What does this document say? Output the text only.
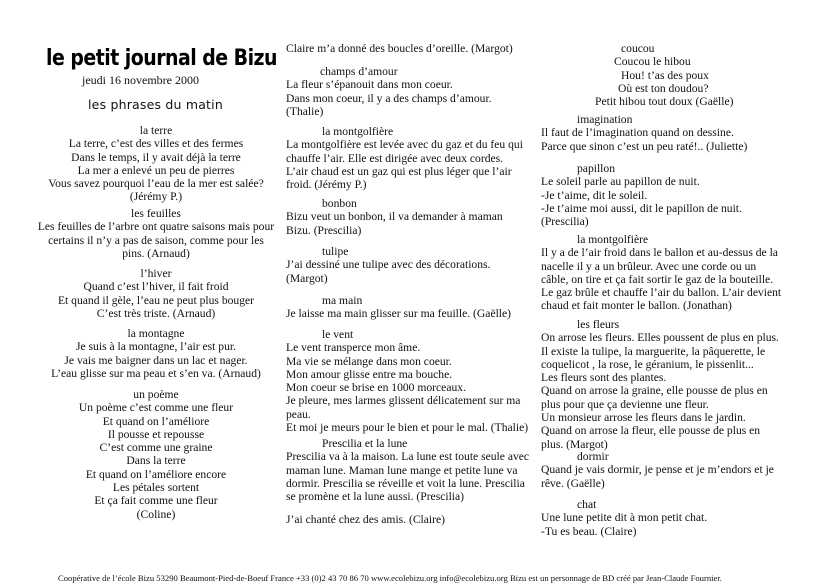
le petit journal de Bizu
jeudi 16 novembre 2000
les phrases du matin
la terre
La terre, c’est des villes et des fermes
Dans le temps, il y avait déjà la terre
La mer a enlevé un peu de pierres
Vous savez pourquoi l’eau de la mer est salée?
(Jérémy P.)
les feuilles
Les feuilles de l’arbre ont quatre saisons mais pour
certains il n’y a pas de saison, comme pour les
pins. (Arnaud)
l’hiver
Quand c’est l’hiver, il fait froid
Et quand il gèle, l’eau ne peut plus bouger
C’est très triste. (Arnaud)
la montagne
Je suis à la montagne, l’air est pur.
Je vais me baigner dans un lac et nager.
L’eau glisse sur ma peau et s’en va. (Arnaud)
un poème
Un poème c’est comme une fleur
Et quand on l’améliore
Il pousse et repousse
C’est comme une graine
Dans la terre
Et quand on l’améliore encore
Les pétales sortent
Et ça fait comme une fleur
(Coline)
Claire m’a donné des boucles d’oreille. (Margot)
champs d’amour
La fleur s’épanouit dans mon coeur.
Dans mon coeur, il y a des champs d’amour.
(Thalie)
la montgolfière
La montgolfière est levée avec du gaz et du feu qui
chauffe l’air. Elle est dirigée avec deux cordes.
L’air chaud est un gaz qui est plus léger que l’air
froid. (Jérémy P.)
bonbon
Bizu veut un bonbon, il va demander à maman
Bizu. (Prescilia)
tulipe
J’ai dessiné une tulipe avec des décorations.
(Margot)
ma main
Je laisse ma main glisser sur ma feuille. (Gaëlle)
le vent
Le vent transperce mon âme.
Ma vie se mélange dans mon coeur.
Mon amour glisse entre ma bouche.
Mon coeur se brise en 1000 morceaux.
Je pleure, mes larmes glissent délicatement sur ma
peau.
Et moi je meurs pour le bien et pour le mal. (Thalie)
Prescilia et la lune
Prescilia va à la maison. La lune est toute seule avec
maman lune. Maman lune mange et petite lune va
dormir. Prescilia se réveille et voit la lune. Prescilia
se promène et la lune aussi. (Prescilia)
J’ai chanté chez des amis. (Claire)
coucou
Coucou le hibou
Hou! t’as des poux
Où est ton doudou?
Petit hibou tout doux (Gaëlle)
imagination
Il faut de l’imagination quand on dessine.
Parce que sinon c’est un peu raté!.. (Juliette)
papillon
Le soleil parle au papillon de nuit.
-Je t’aime, dit le soleil.
-Je t’aime moi aussi, dit le papillon de nuit.
(Prescilia)
la montgolfière
Il y a de l’air froid dans le ballon et au-dessus de la
nacelle il y a un brûleur. Avec une corde ou un
câble, on tire et ça fait sortir le gaz de la bouteille.
Le gaz brûle et chauffe l’air du ballon. L’air devient
chaud et fait monter le ballon. (Jonathan)
les fleurs
On arrose les fleurs. Elles poussent de plus en plus.
Il existe la tulipe, la marguerite, la pâquerette, le
coquelicot , la rose, le géranium, le pissenlit...
Les fleurs sont des plantes.
Quand on arrose la graine, elle pousse de plus en
plus pour que ça devienne une fleur.
Un monsieur arrose les fleurs dans le jardin.
Quand on arrose la fleur, elle pousse de plus en
plus. (Margot)
dormir
Quand je vais dormir, je pense et je m’endors et je
rêve. (Gaëlle)
chat
Une lune petite dit à mon petit chat.
-Tu es beau. (Claire)
Coopérative de l’école Bizu 53290 Beaumont-Pied-de-Boeuf France +33 (0)2 43 70 86 70 www.ecolebizu.org info@ecolebizu.org Bizu est un personnage de BD créé par Jean-Claude Fournier.
